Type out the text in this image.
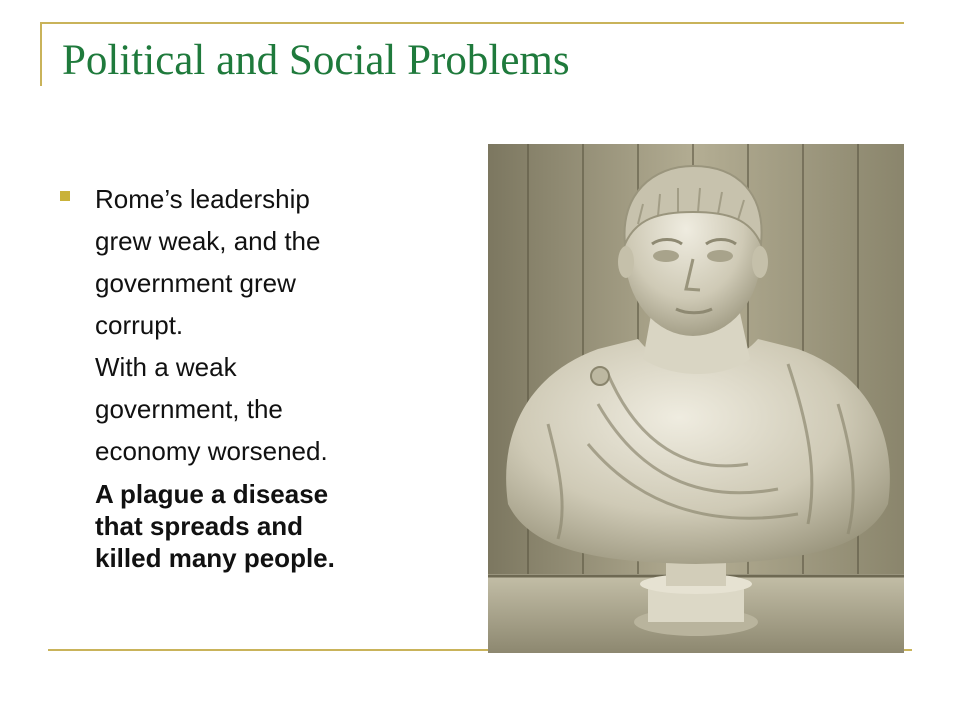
Political and Social Problems
Rome’s leadership
grew weak, and the
government grew
corrupt.
With a weak
government, the
economy worsened.
A plague a disease
that spreads and
killed many people.
